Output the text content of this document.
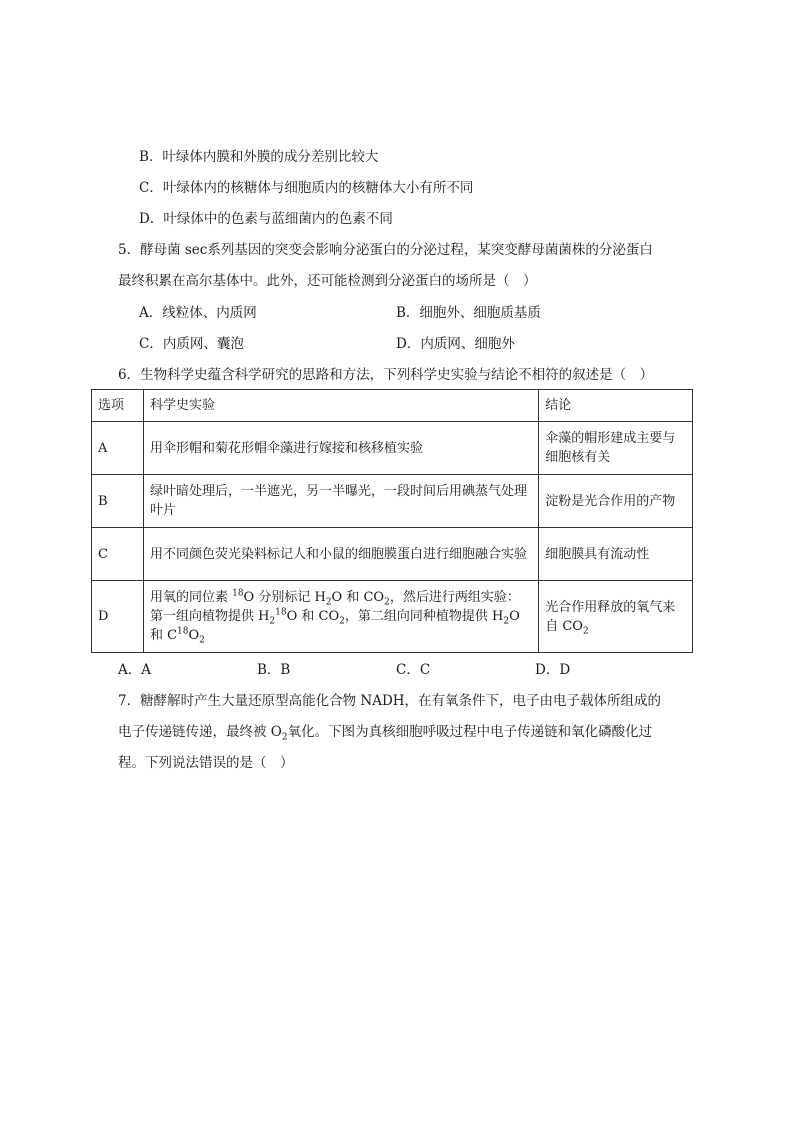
B．叶绿体内膜和外膜的成分差别比较大
C．叶绿体内的核糖体与细胞质内的核糖体大小有所不同
D．叶绿体中的色素与蓝细菌内的色素不同
5．酵母菌 sec系列基因的突变会影响分泌蛋白的分泌过程，某突变酵母菌菌株的分泌蛋白
最终积累在高尔基体中。此外，还可能检测到分泌蛋白的场所是（　）
A．线粒体、内质网	B．细胞外、细胞质基质
C．内质网、囊泡	D．内质网、细胞外
6．生物科学史蕴含科学研究的思路和方法，下列科学史实验与结论不相符的叙述是（　）
选项	科学史实验	结论
A	用伞形帽和菊花形帽伞藻进行嫁接和核移植实验	伞藻的帽形建成主要与细胞核有关
B	绿叶暗处理后，一半遮光，另一半曝光，一段时间后用碘蒸气处理叶片	淀粉是光合作用的产物
C	用不同颜色荧光染料标记人和小鼠的细胞膜蛋白进行细胞融合实验	细胞膜具有流动性
D	用氧的同位素 $^{18}$O 分别标记 $H_2O$ 和 $CO_2$，然后进行两组实验：
第一组向植物提供 $H_2^{18}O$ 和 $CO_2$，第二组向同种植物提供 $H_2O$
和 $C^{18}O_2$	光合作用释放的氧气来
自 $CO_2$
A．A	B．B	C．C	D．D
7．糖酵解时产生大量还原型高能化合物 NADH，在有氧条件下，电子由电子载体所组成的
电子传递链传递，最终被 $O_2$氧化。下图为真核细胞呼吸过程中电子传递链和氧化磷酸化过
程。下列说法错误的是（　）
